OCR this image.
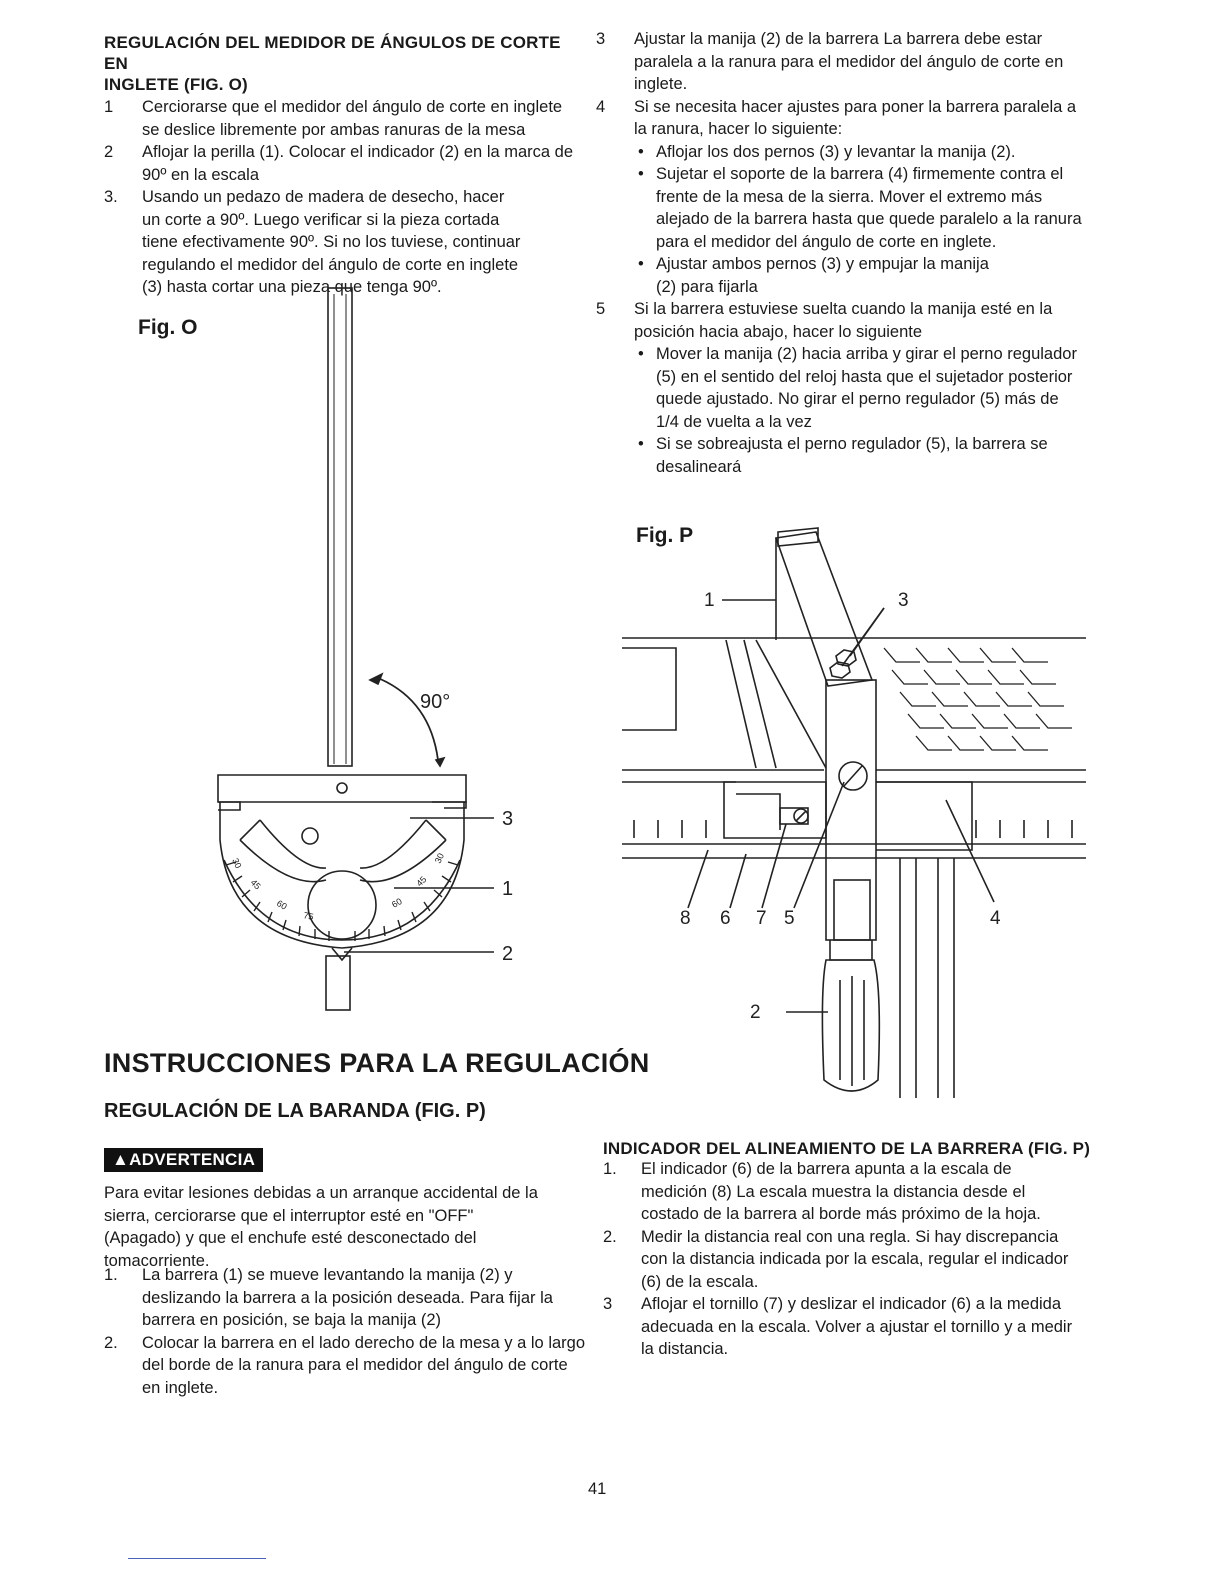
REGULACIÓN DEL MEDIDOR DE ÁNGULOS DE CORTE EN
INGLETE (FIG. O)
1	Cerciorarse que el medidor del ángulo de corte en inglete se deslice libremente por ambas ranuras de la mesa
2	Aflojar la perilla (1). Colocar el indicador (2) en la marca de 90º en la escala
3.	Usando un pedazo de madera de desecho, hacer un corte a 90º. Luego verificar si la pieza cortada tiene efectivamente 90º. Si no los tuviese, continuar regulando el medidor del ángulo de corte en inglete (3) hasta cortar una pieza que tenga 90º.
Fig. O
30
45
60
75
60
45
30
90°
3
1
2
3	Ajustar la manija (2) de la barrera La barrera debe estar paralela a la ranura para el medidor del ángulo de corte en inglete.
4	Si se necesita hacer ajustes para poner la barrera paralela a la ranura, hacer lo siguiente:
• Aflojar los dos pernos (3) y levantar la manija (2).
• Sujetar el soporte de la barrera (4) firmemente contra el frente de la mesa de la sierra. Mover el extremo más alejado de la barrera hasta que quede paralelo a la ranura para el medidor del ángulo de corte en inglete.
• Ajustar ambos pernos (3) y empujar la manija (2) para fijarla
5	Si la barrera estuviese suelta cuando la manija esté en la posición hacia abajo, hacer lo siguiente
• Mover la manija (2) hacia arriba y girar el perno regulador (5) en el sentido del reloj hasta que el sujetador posterior quede ajustado. No girar el perno regulador (5) más de 1/4 de vuelta a la vez
• Si se sobreajusta el perno regulador (5), la barrera se desalineará
Fig. P
1	3
8 6 7 5	4
2
INSTRUCCIONES PARA LA REGULACIÓN
REGULACIÓN DE LA BARANDA (FIG. P)
▲ADVERTENCIA
Para evitar lesiones debidas a un arranque accidental de la sierra, cerciorarse que el interruptor esté en "OFF" (Apagado) y que el enchufe esté desconectado del tomacorriente.
1.	La barrera (1) se mueve levantando la manija (2) y deslizando la barrera a la posición deseada. Para fijar la barrera en posición, se baja la manija (2)
2.	Colocar la barrera en el lado derecho de la mesa y a lo largo del borde de la ranura para el medidor del ángulo de corte en inglete.
INDICADOR DEL ALINEAMIENTO DE LA BARRERA (FIG. P)
1.	El indicador (6) de la barrera apunta a la escala de medición (8) La escala muestra la distancia desde el costado de la barrera al borde más próximo de la hoja.
2.	Medir la distancia real con una regla. Si hay discrepancia con la distancia indicada por la escala, regular el indicador (6) de la escala.
3	Aflojar el tornillo (7) y deslizar el indicador (6) a la medida adecuada en la escala. Volver a ajustar el tornillo y a medir la distancia.
41
